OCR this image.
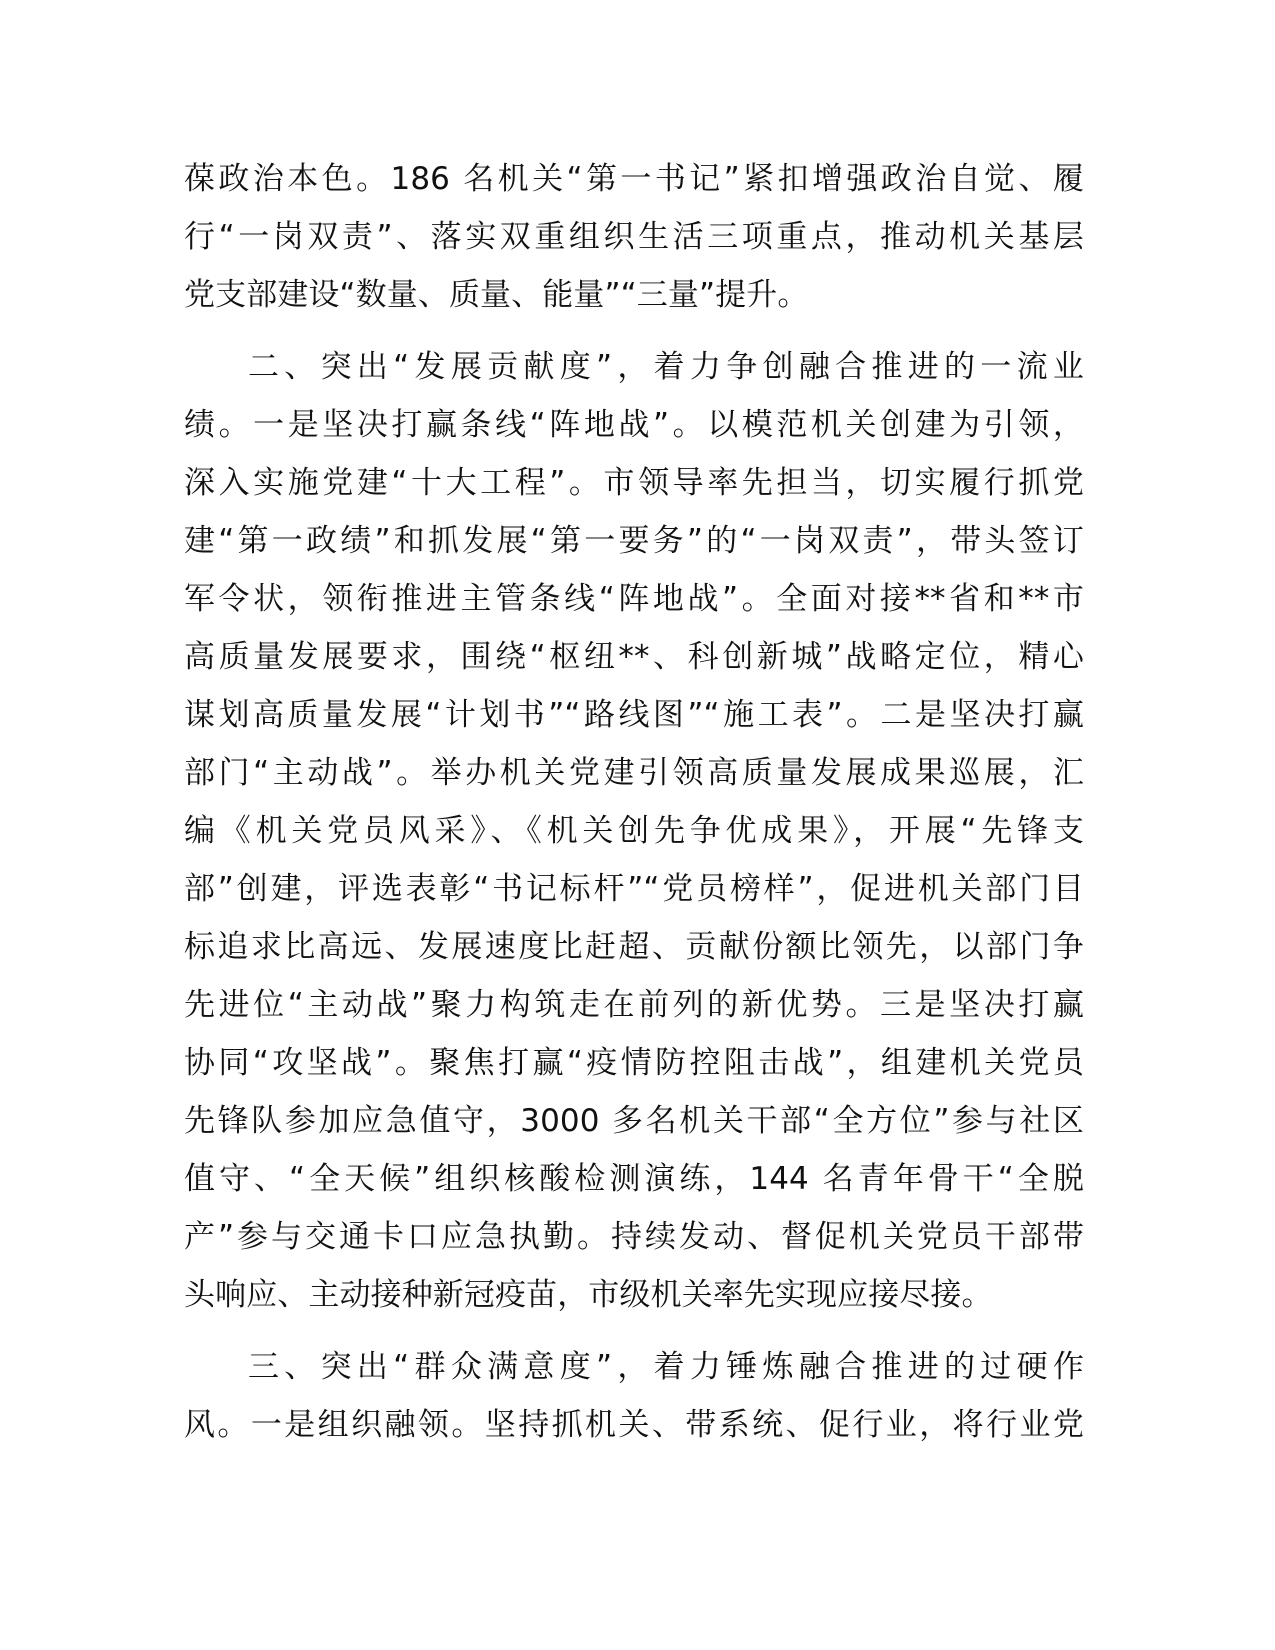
葆政治本色。186 名机关“第一书记”紧扣增强政治自觉、履
行“一岗双责”、落实双重组织生活三项重点，推动机关基层
党支部建设“数量、质量、能量”“三量”提升。
二、突出“发展贡献度”，着力争创融合推进的一流业
绩。一是坚决打赢条线“阵地战”。以模范机关创建为引领，
深入实施党建“十大工程”。市领导率先担当，切实履行抓党
建“第一政绩”和抓发展“第一要务”的“一岗双责”，带头签订
军令状，领衔推进主管条线“阵地战”。全面对接**省和**市
高质量发展要求，围绕“枢纽**、科创新城”战略定位，精心
谋划高质量发展“计划书”“路线图”“施工表”。二是坚决打赢
部门“主动战”。举办机关党建引领高质量发展成果巡展，汇
编《机关党员风采》、《机关创先争优成果》，开展“先锋支
部”创建，评选表彰“书记标杆”“党员榜样”，促进机关部门目
标追求比高远、发展速度比赶超、贡献份额比领先，以部门争
先进位“主动战”聚力构筑走在前列的新优势。三是坚决打赢
协同“攻坚战”。聚焦打赢“疫情防控阻击战”，组建机关党员
先锋队参加应急值守，3000 多名机关干部“全方位”参与社区
值守、“全天候”组织核酸检测演练，144 名青年骨干“全脱
产”参与交通卡口应急执勤。持续发动、督促机关党员干部带
头响应、主动接种新冠疫苗，市级机关率先实现应接尽接。
三、突出“群众满意度”，着力锤炼融合推进的过硬作
风。一是组织融领。坚持抓机关、带系统、促行业，将行业党
